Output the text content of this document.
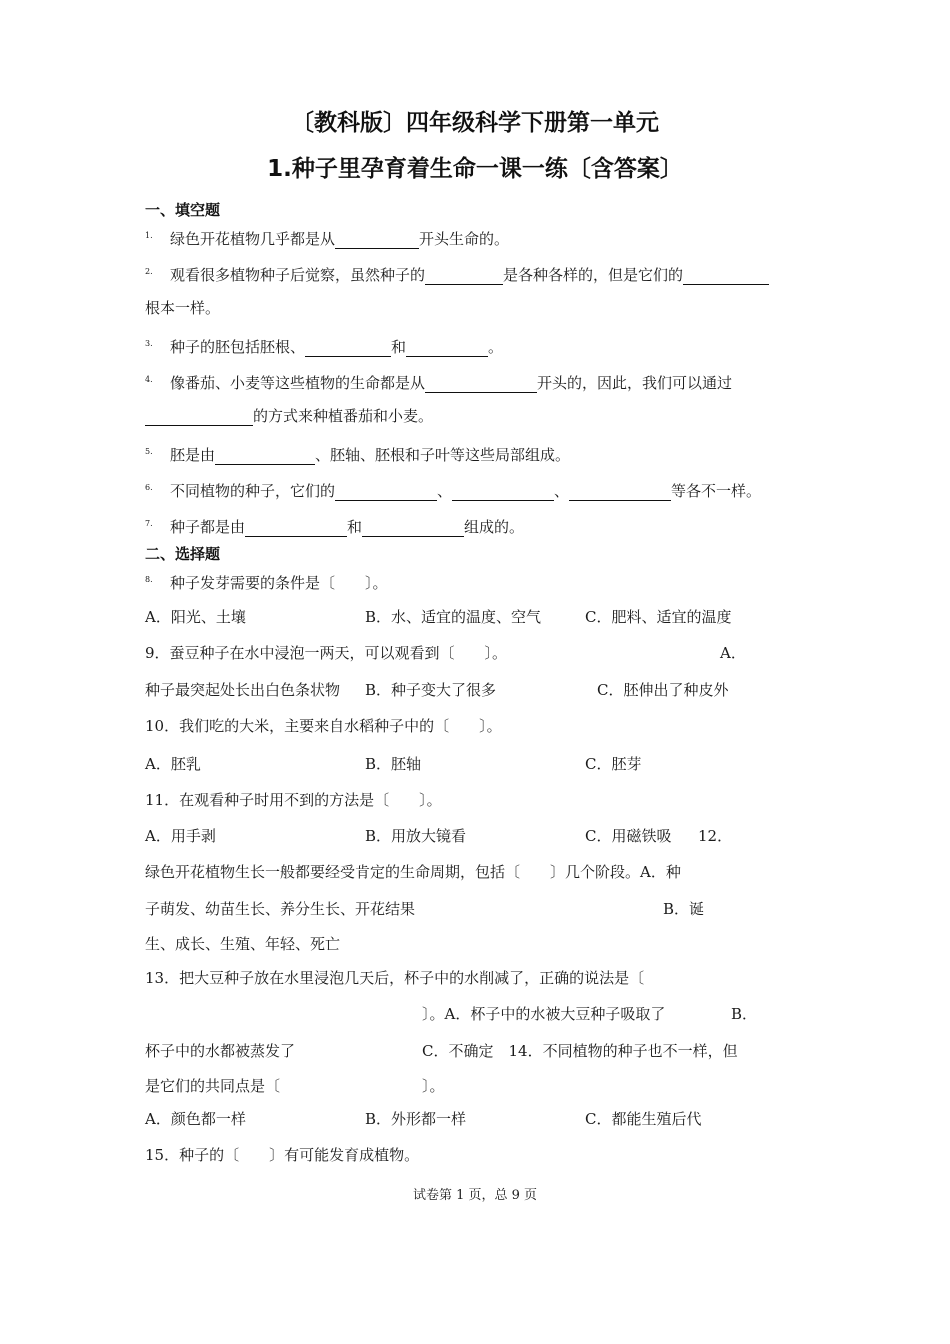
〔教科版〕四年级科学下册第一单元
1.种子里孕育着生命一课一练〔含答案〕
一、填空题
1. 绿色开花植物几乎都是从	开头生命的。
2. 观看很多植物种子后觉察，虽然种子的	是各种各样的，但是它们的
根本一样。
3. 种子的胚包括胚根、	和	。
4. 像番茄、小麦等这些植物的生命都是从	开头的，因此，我们可以通过
的方式来种植番茄和小麦。
5. 胚是由	、胚轴、胚根和子叶等这些局部组成。
6. 不同植物的种子，它们的	、	、	等各不一样。
7. 种子都是由	和	组成的。
二、选择题
8. 种子发芽需要的条件是〔　　〕。
A．阳光、土壤	B．水、适宜的温度、空气	C．肥料、适宜的温度
9．蚕豆种子在水中浸泡一两天，可以观看到〔　　〕。	A．
种子最突起处长出白色条状物 B．种子变大了很多	C．胚伸出了种皮外
10．我们吃的大米，主要来自水稻种子中的〔　　〕。
A．胚乳	B．胚轴	C．胚芽
11．在观看种子时用不到的方法是〔　　〕。
A．用手剥	B．用放大镜看	C．用磁铁吸 12．
绿色开花植物生长一般都要经受肯定的生命周期，包括〔　　〕几个阶段。A．种
子萌发、幼苗生长、养分生长、开花结果	B．诞
生、成长、生殖、年轻、死亡
13．把大豆种子放在水里浸泡几天后，杯子中的水削减了，正确的说法是〔
〕。A．杯子中的水被大豆种子吸取了	B．
杯子中的水都被蒸发了	C．不确定　14．不同植物的种子也不一样，但
是它们的共同点是〔	〕。
A．颜色都一样	B．外形都一样	C．都能生殖后代
15．种子的〔　　〕有可能发育成植物。
试卷第 1 页，总 9 页
